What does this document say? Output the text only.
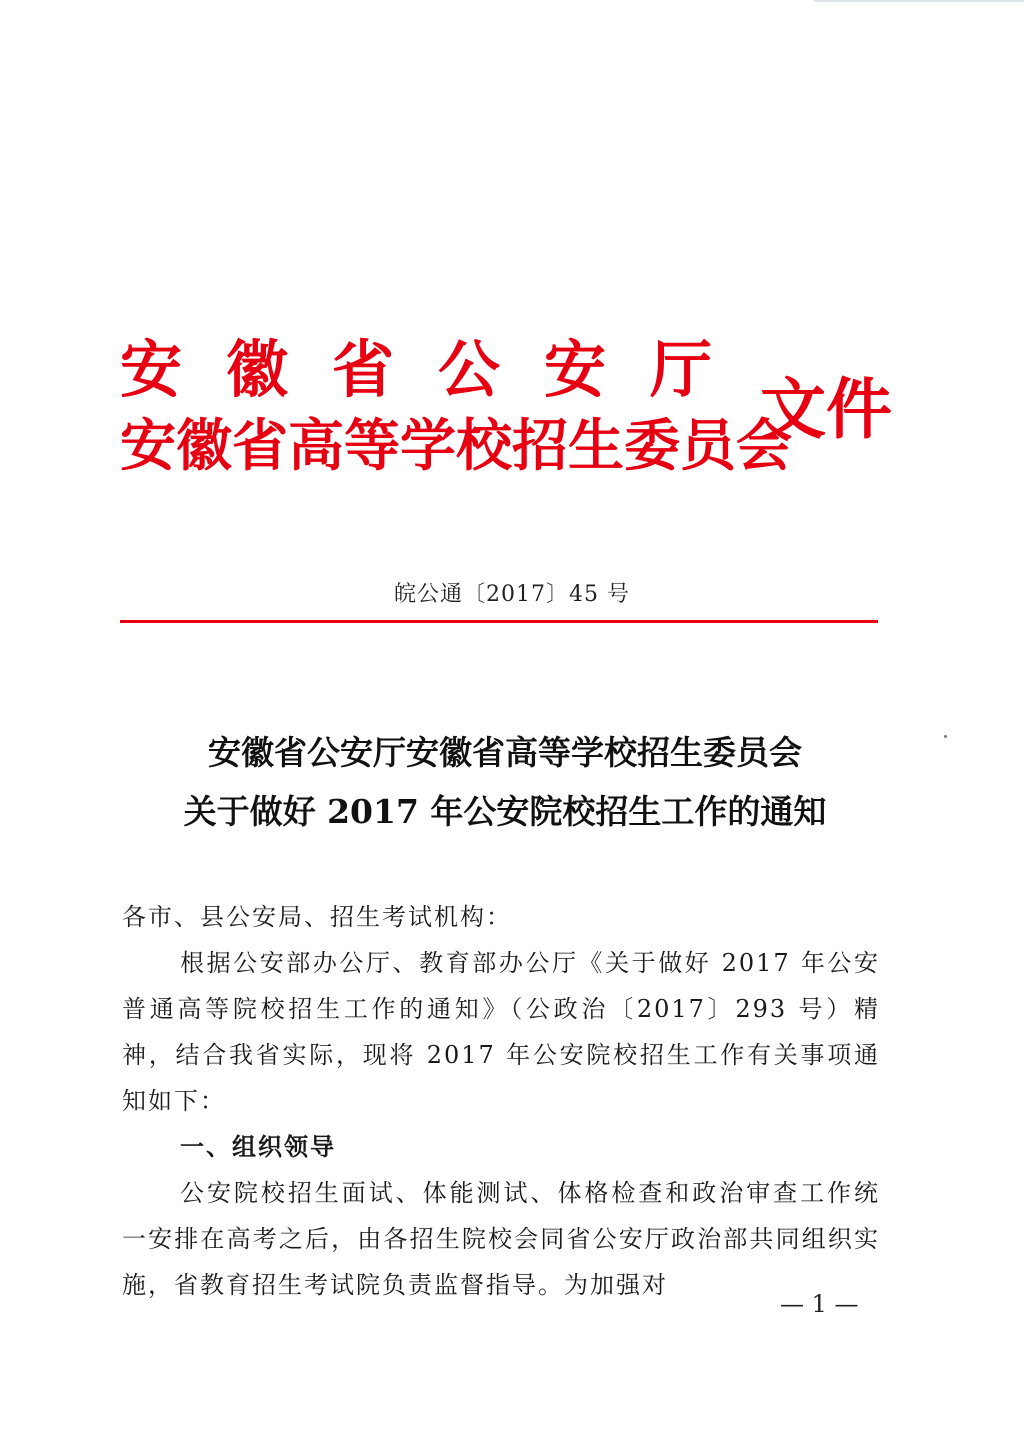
安徽省公安厅
安徽省高等学校招生委员会
文件
皖公通〔2017〕45 号
安徽省公安厅安徽省高等学校招生委员会
关于做好 2017 年公安院校招生工作的通知

各市、县公安局、招生考试机构：

根据公安部办公厅、教育部办公厅《关于做好 2017 年公安普通高等院校招生工作的通知》（公政治〔2017〕293 号）精神，结合我省实际，现将 2017 年公安院校招生工作有关事项通知如下：

一、组织领导

公安院校招生面试、体能测试、体格检查和政治审查工作统一安排在高考之后，由各招生院校会同省公安厅政治部共同组织实施，省教育招生考试院负责监督指导。为加强对

— 1 —
